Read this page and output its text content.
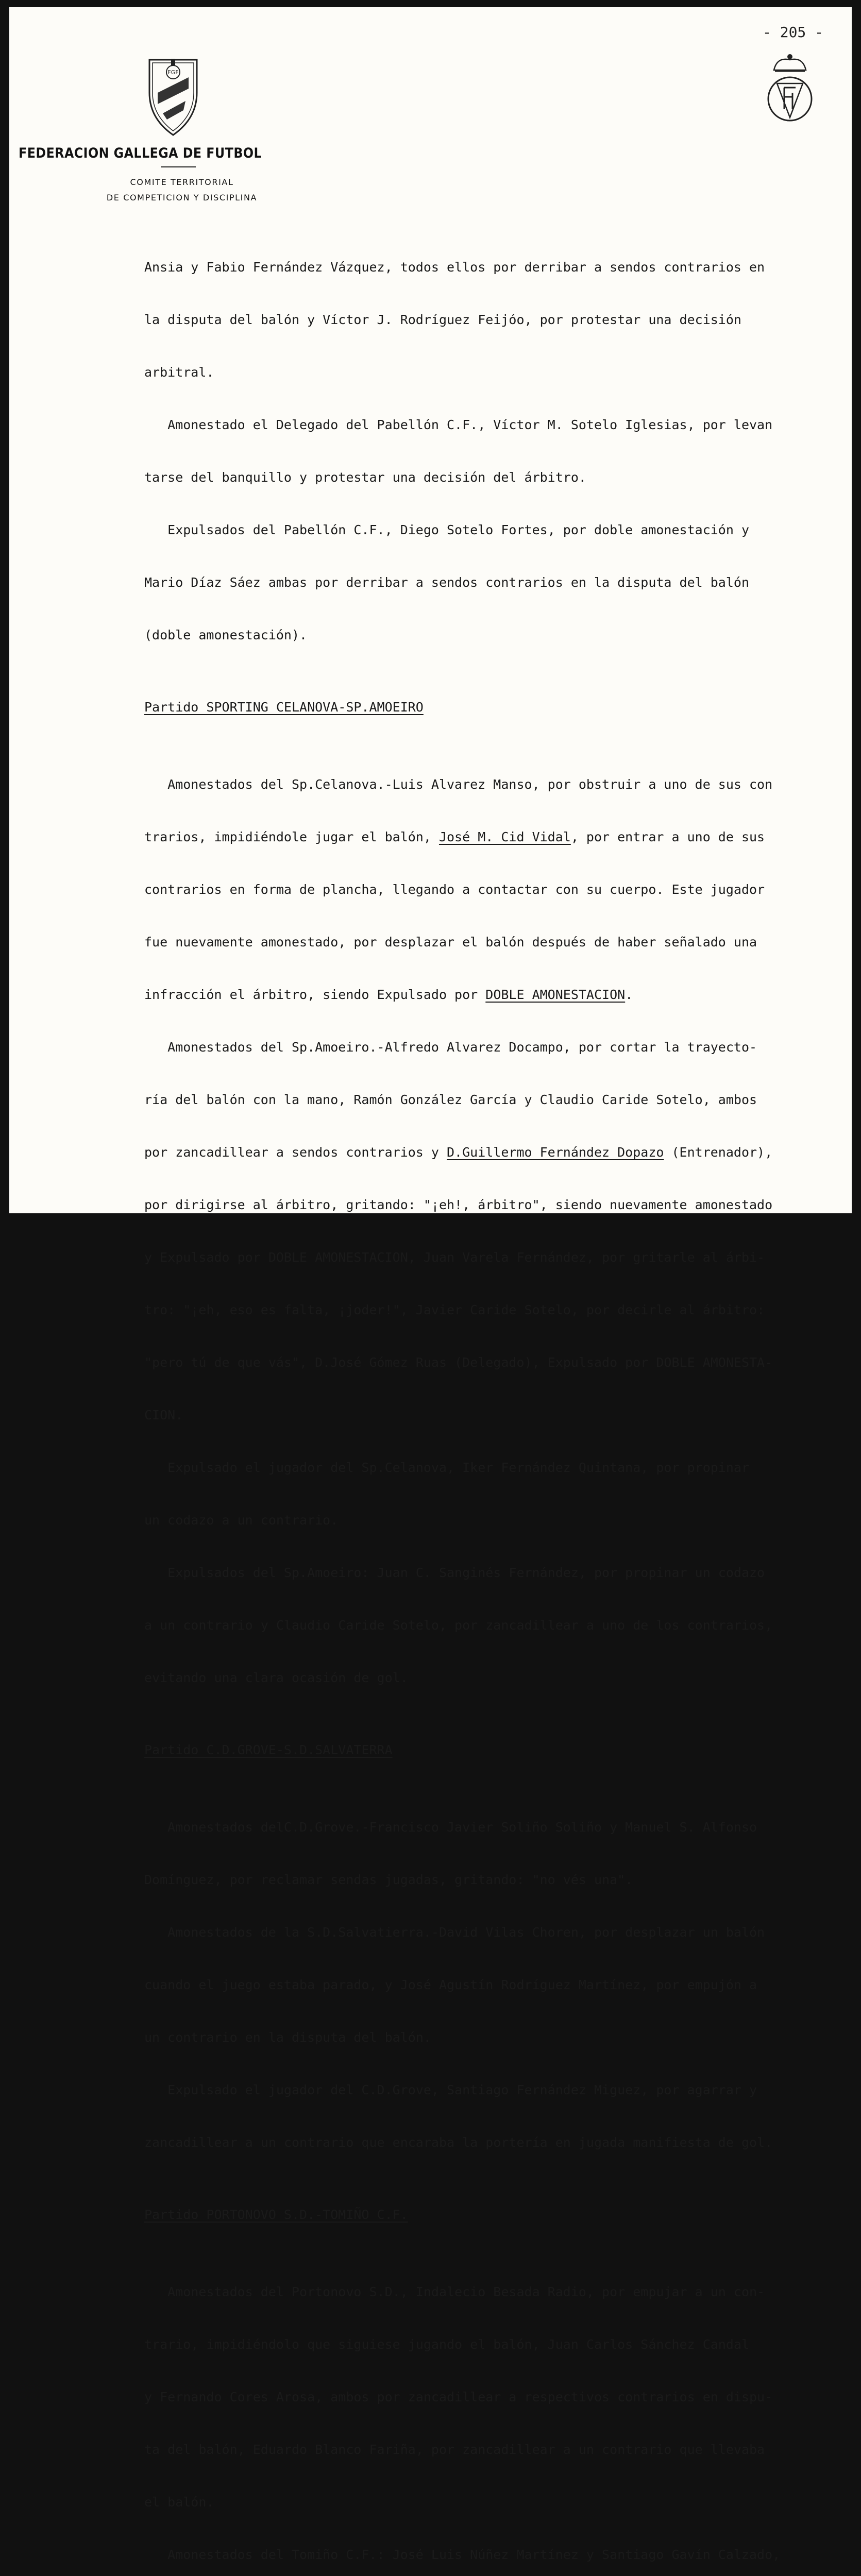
- 205 -
FGF
FEDERACION GALLEGA DE FUTBOL
COMITE TERRITORIAL
DE COMPETICION Y DISCIPLINA

Ansia y Fabio Fernández Vázquez, todos ellos por derribar a sendos contrarios en

la disputa del balón y Víctor J. Rodríguez Feijóo, por protestar una decisión

arbitral.

Amonestado el Delegado del Pabellón C.F., Víctor M. Sotelo Iglesias, por levan

tarse del banquillo y protestar una decisión del árbitro.

Expulsados del Pabellón C.F., Diego Sotelo Fortes, por doble amonestación y

Mario Díaz Sáez ambas por derribar a sendos contrarios en la disputa del balón

(doble amonestación).

Partido SPORTING CELANOVA-SP.AMOEIRO

Amonestados del Sp.Celanova.-Luis Alvarez Manso, por obstruir a uno de sus con

trarios, impidiéndole jugar el balón, José M. Cid Vidal, por entrar a uno de sus

contrarios en forma de plancha, llegando a contactar con su cuerpo. Este jugador

fue nuevamente amonestado, por desplazar el balón después de haber señalado una

infracción el árbitro, siendo Expulsado por DOBLE AMONESTACION.

Amonestados del Sp.Amoeiro.-Alfredo Alvarez Docampo, por cortar la trayecto-

ría del balón con la mano, Ramón González García y Claudio Caride Sotelo, ambos

por zancadillear a sendos contrarios y D.Guillermo Fernández Dopazo (Entrenador),

por dirigirse al árbitro, gritando: "¡eh!, árbitro", siendo nuevamente amonestado

y Expulsado por DOBLE AMONESTACION, Juan Varela Fernández, por gritarle al árbi-

tro: "¡eh, eso es falta, ¡joder!", Javier Caride Sotelo, por decirle al árbitro:

"pero tú de que vás", D.José Gómez Ruas (Delegado), Expulsado por DOBLE AMONESTA-

CION.

Expulsado el jugador del Sp.Celanova, Iker Fernández Quintana, por propinar

un codazo a un contrario.

Expulsados del Sp.Amoeiro: Juan C. Sanginés Fernández, por propinar un codazo

a un contrario y Claudio Caride Sotelo, por zancadillear a uno de los contrarios,

evitando una clara ocasión de gol.

Partido C.D.GROVE-S.D.SALVATERRA

Amonestados delC.D.Grove.-Francisco Javier Soliño Soliño y Manuel S. Alfonso

Domínguez, por reclamar sendas jugadas, gritando: "no vés una".

Amonestados de la S.D.Salvatierra.-David Vilas Choren, por desplazar un balón

cuando el juego estaba parado, y José Agustín Rodríguez Martínez, por empujón a

un contrario en la disputa del balón.

Expulsado el jugador del C.D.Grove, Santiago Fernández Miguez, por agarrar y

zancadillear a un contrario que encaraba la portería en jugada manifiesta de gol.

Partido PORTONOVO S.D.-TOMIÑO C.F.

Amonestados del Portonovo S.D., Indalecio Besada Radio, por empujar a un con-

trario, impidiéndolo que siguiese jugando el balón, Juan Carlos Sánchez Candal

y Fernando Cores Arosa, ambos por zancadillear a respectivos contrarios en dispu-

ta del balón, Eduardo Blanco Fariña, por zancadillear a un contrario que llevaba

el balón.

Amonestados del Tomiño C.F.: José Luis Núñez Martínez y Santiago Gavín Calzado,
